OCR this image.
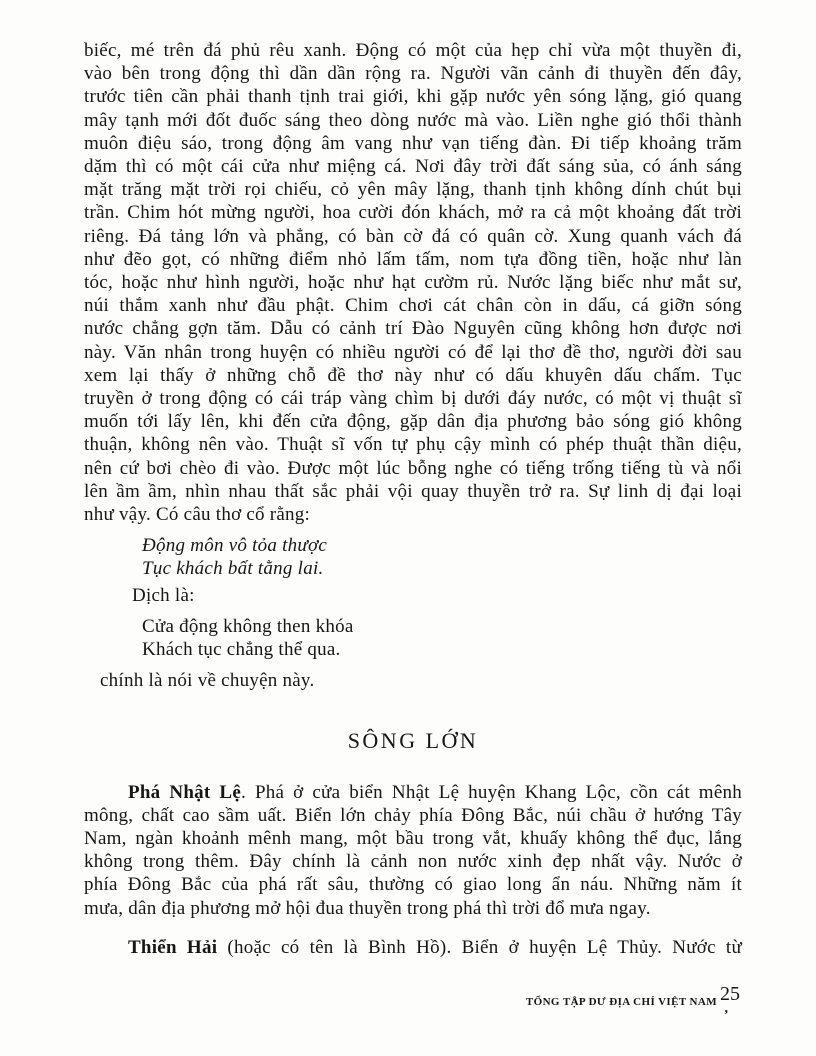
biếc, mé trên đá phủ rêu xanh. Động có một của hẹp chỉ vừa một thuyền đi,
vào bên trong động thì dần dần rộng ra. Người vãn cảnh đi thuyền đến đây,
trước tiên cần phải thanh tịnh trai giới, khi gặp nước yên sóng lặng, gió quang
mây tạnh mới đốt đuốc sáng theo dòng nước mà vào. Liền nghe gió thổi thành
muôn điệu sáo, trong động âm vang như vạn tiếng đàn. Đi tiếp khoảng trăm
dặm thì có một cái cửa như miệng cá. Nơi đây trời đất sáng sủa, có ánh sáng
mặt trăng mặt trời rọi chiếu, cỏ yên mây lặng, thanh tịnh không dính chút bụi
trần. Chim hót mừng người, hoa cười đón khách, mở ra cả một khoảng đất trời
riêng. Đá tảng lớn và phẳng, có bàn cờ đá có quân cờ. Xung quanh vách đá
như đẽo gọt, có những điểm nhỏ lấm tấm, nom tựa đồng tiền, hoặc như làn
tóc, hoặc như hình người, hoặc như hạt cườm rủ. Nước lặng biếc như mắt sư,
núi thắm xanh như đầu phật. Chim chơi cát chân còn in dấu, cá giỡn sóng
nước chẳng gợn tăm. Dẫu có cảnh trí Đào Nguyên cũng không hơn được nơi
này. Văn nhân trong huyện có nhiều người có để lại thơ đề thơ, người đời sau
xem lại thấy ở những chỗ đề thơ này như có dấu khuyên dấu chấm. Tục
truyền ở trong động có cái tráp vàng chìm bị dưới đáy nước, có một vị thuật sĩ
muốn tới lấy lên, khi đến cửa động, gặp dân địa phương bảo sóng gió không
thuận, không nên vào. Thuật sĩ vốn tự phụ cậy mình có phép thuật thần diệu,
nên cứ bơi chèo đi vào. Được một lúc bỗng nghe có tiếng trống tiếng tù và nổi
lên ầm ầm, nhìn nhau thất sắc phải vội quay thuyền trở ra. Sự linh dị đại loại
như vậy. Có câu thơ cổ rằng:
Động môn vô tỏa thược
Tục khách bất tằng lai.
Dịch là:
Cửa động không then khóa
Khách tục chẳng thể qua.
chính là nói về chuyện này.
SÔNG LỚN
Phá Nhật Lệ. Phá ở cửa biển Nhật Lệ huyện Khang Lộc, cồn cát mênh
mông, chất cao sầm uất. Biển lớn chảy phía Đông Bắc, núi chầu ở hướng Tây
Nam, ngàn khoảnh mênh mang, một bầu trong vắt, khuấy không thể đục, lắng
không trong thêm. Đây chính là cảnh non nước xinh đẹp nhất vậy. Nước ở
phía Đông Bắc của phá rất sâu, thường có giao long ẩn náu. Những năm ít
mưa, dân địa phương mở hội đua thuyền trong phá thì trời đổ mưa ngay.
Thiển Hải (hoặc có tên là Bình Hồ). Biển ở huyện Lệ Thủy. Nước từ
TỔNG TẬP DƯ ĐỊA CHÍ VIỆT NAM 25
,
